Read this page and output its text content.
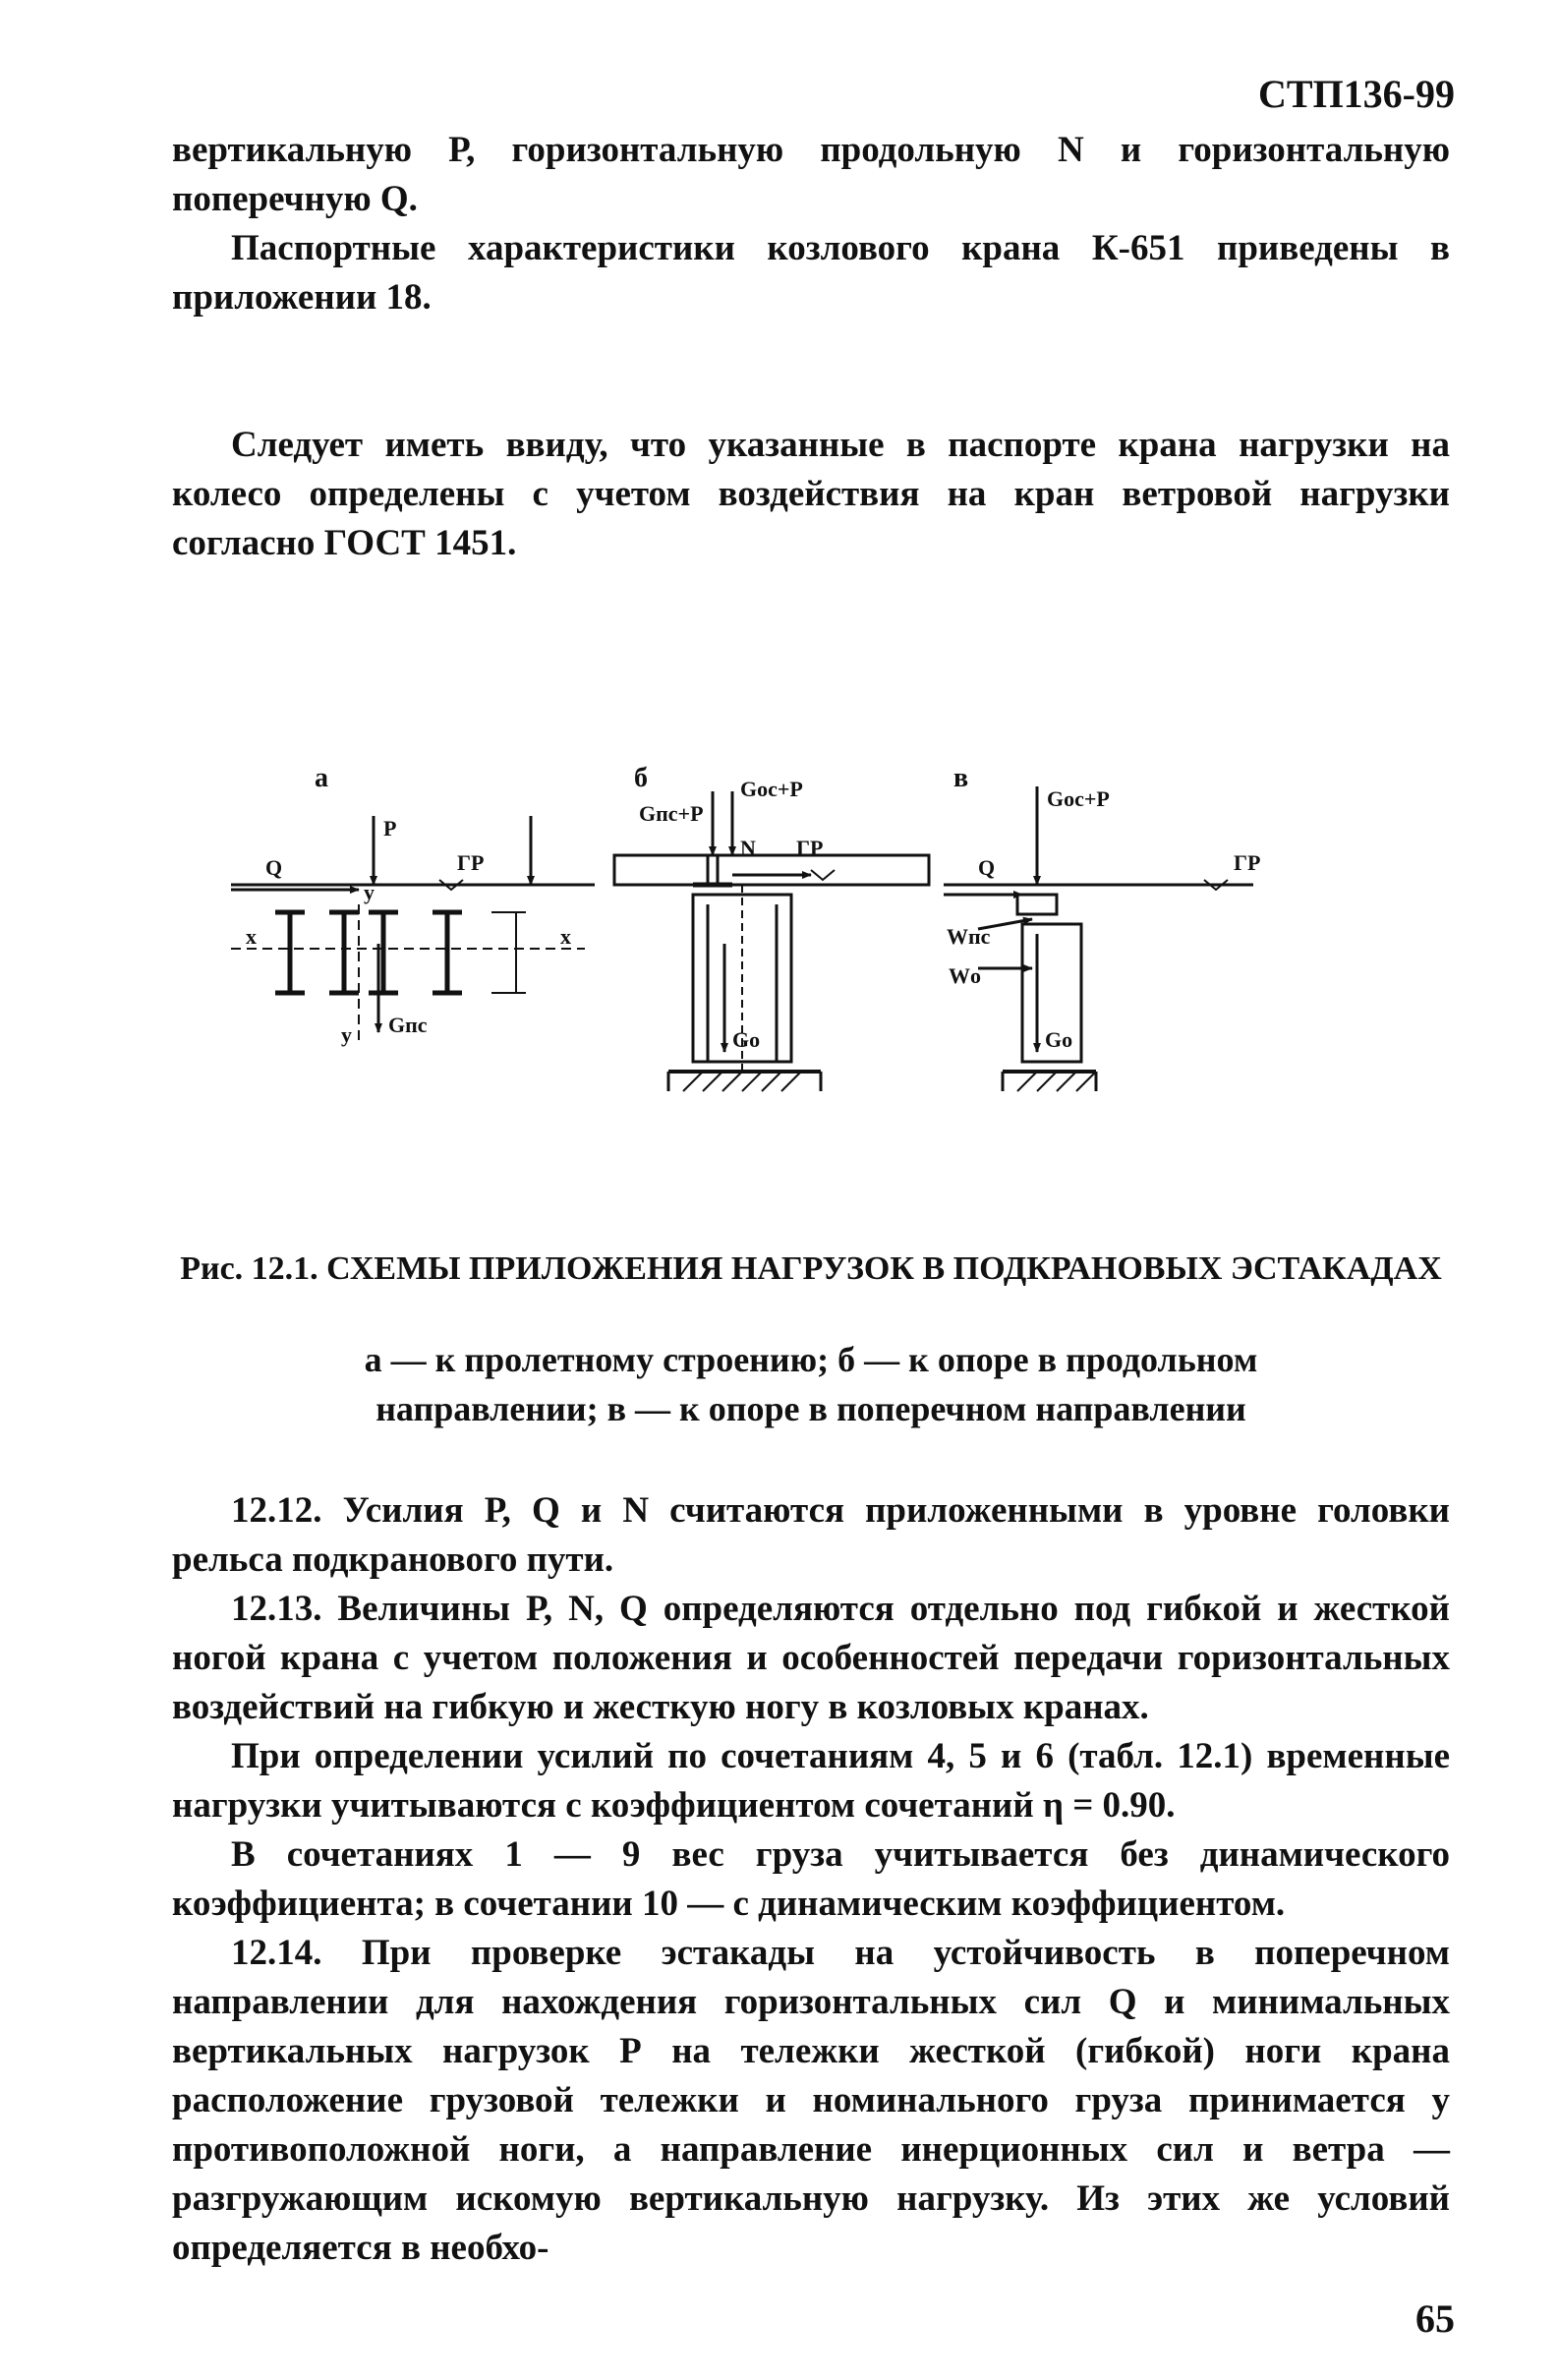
СТП136-99

вертикальную Р, горизонтальную продольную N и горизонтальную поперечную Q.

Паспортные характеристики козлового крана К-651 приведены в приложении 18.

Следует иметь ввиду, что указанные в паспорте крана нагрузки на колесо определены с учетом воздействия на кран ветровой нагрузки согласно ГОСТ 1451.

а	б	в
Q
P
ГР
x	x
y
y Gпс
Gпс+P
Gос+P
N ГР
Gо
Q
Gос+P
ГР
Wпс
Wо
Gо
Рис. 12.1. СХЕМЫ ПРИЛОЖЕНИЯ НАГРУЗОК В ПОДКРАНОВЫХ ЭСТАКАДАХ
а — к пролетному строению; б — к опоре в продольном
направлении; в — к опоре в поперечном направлении

12.12. Усилия Р, Q и N считаются приложенными в уровне головки рельса подкранового пути.

12.13. Величины Р, N, Q определяются отдельно под гибкой и жесткой ногой крана с учетом положения и особенностей передачи горизонтальных воздействий на гибкую и жесткую ногу в козловых кранах.

При определении усилий по сочетаниям 4, 5 и 6 (табл. 12.1) временные нагрузки учитываются с коэффициентом сочетаний η = 0.90.

В сочетаниях 1 — 9 вес груза учитывается без динамического коэффициента; в сочетании 10 — с динамическим коэффициентом.

12.14. При проверке эстакады на устойчивость в поперечном направлении для нахождения горизонтальных сил Q и минимальных вертикальных нагрузок Р на тележки жесткой (гибкой) ноги крана расположение грузовой тележки и номинального груза принимается у противоположной ноги, а направление инерционных сил и ветра — разгружающим искомую вертикальную нагрузку. Из этих же условий определяется в необхо-

65
